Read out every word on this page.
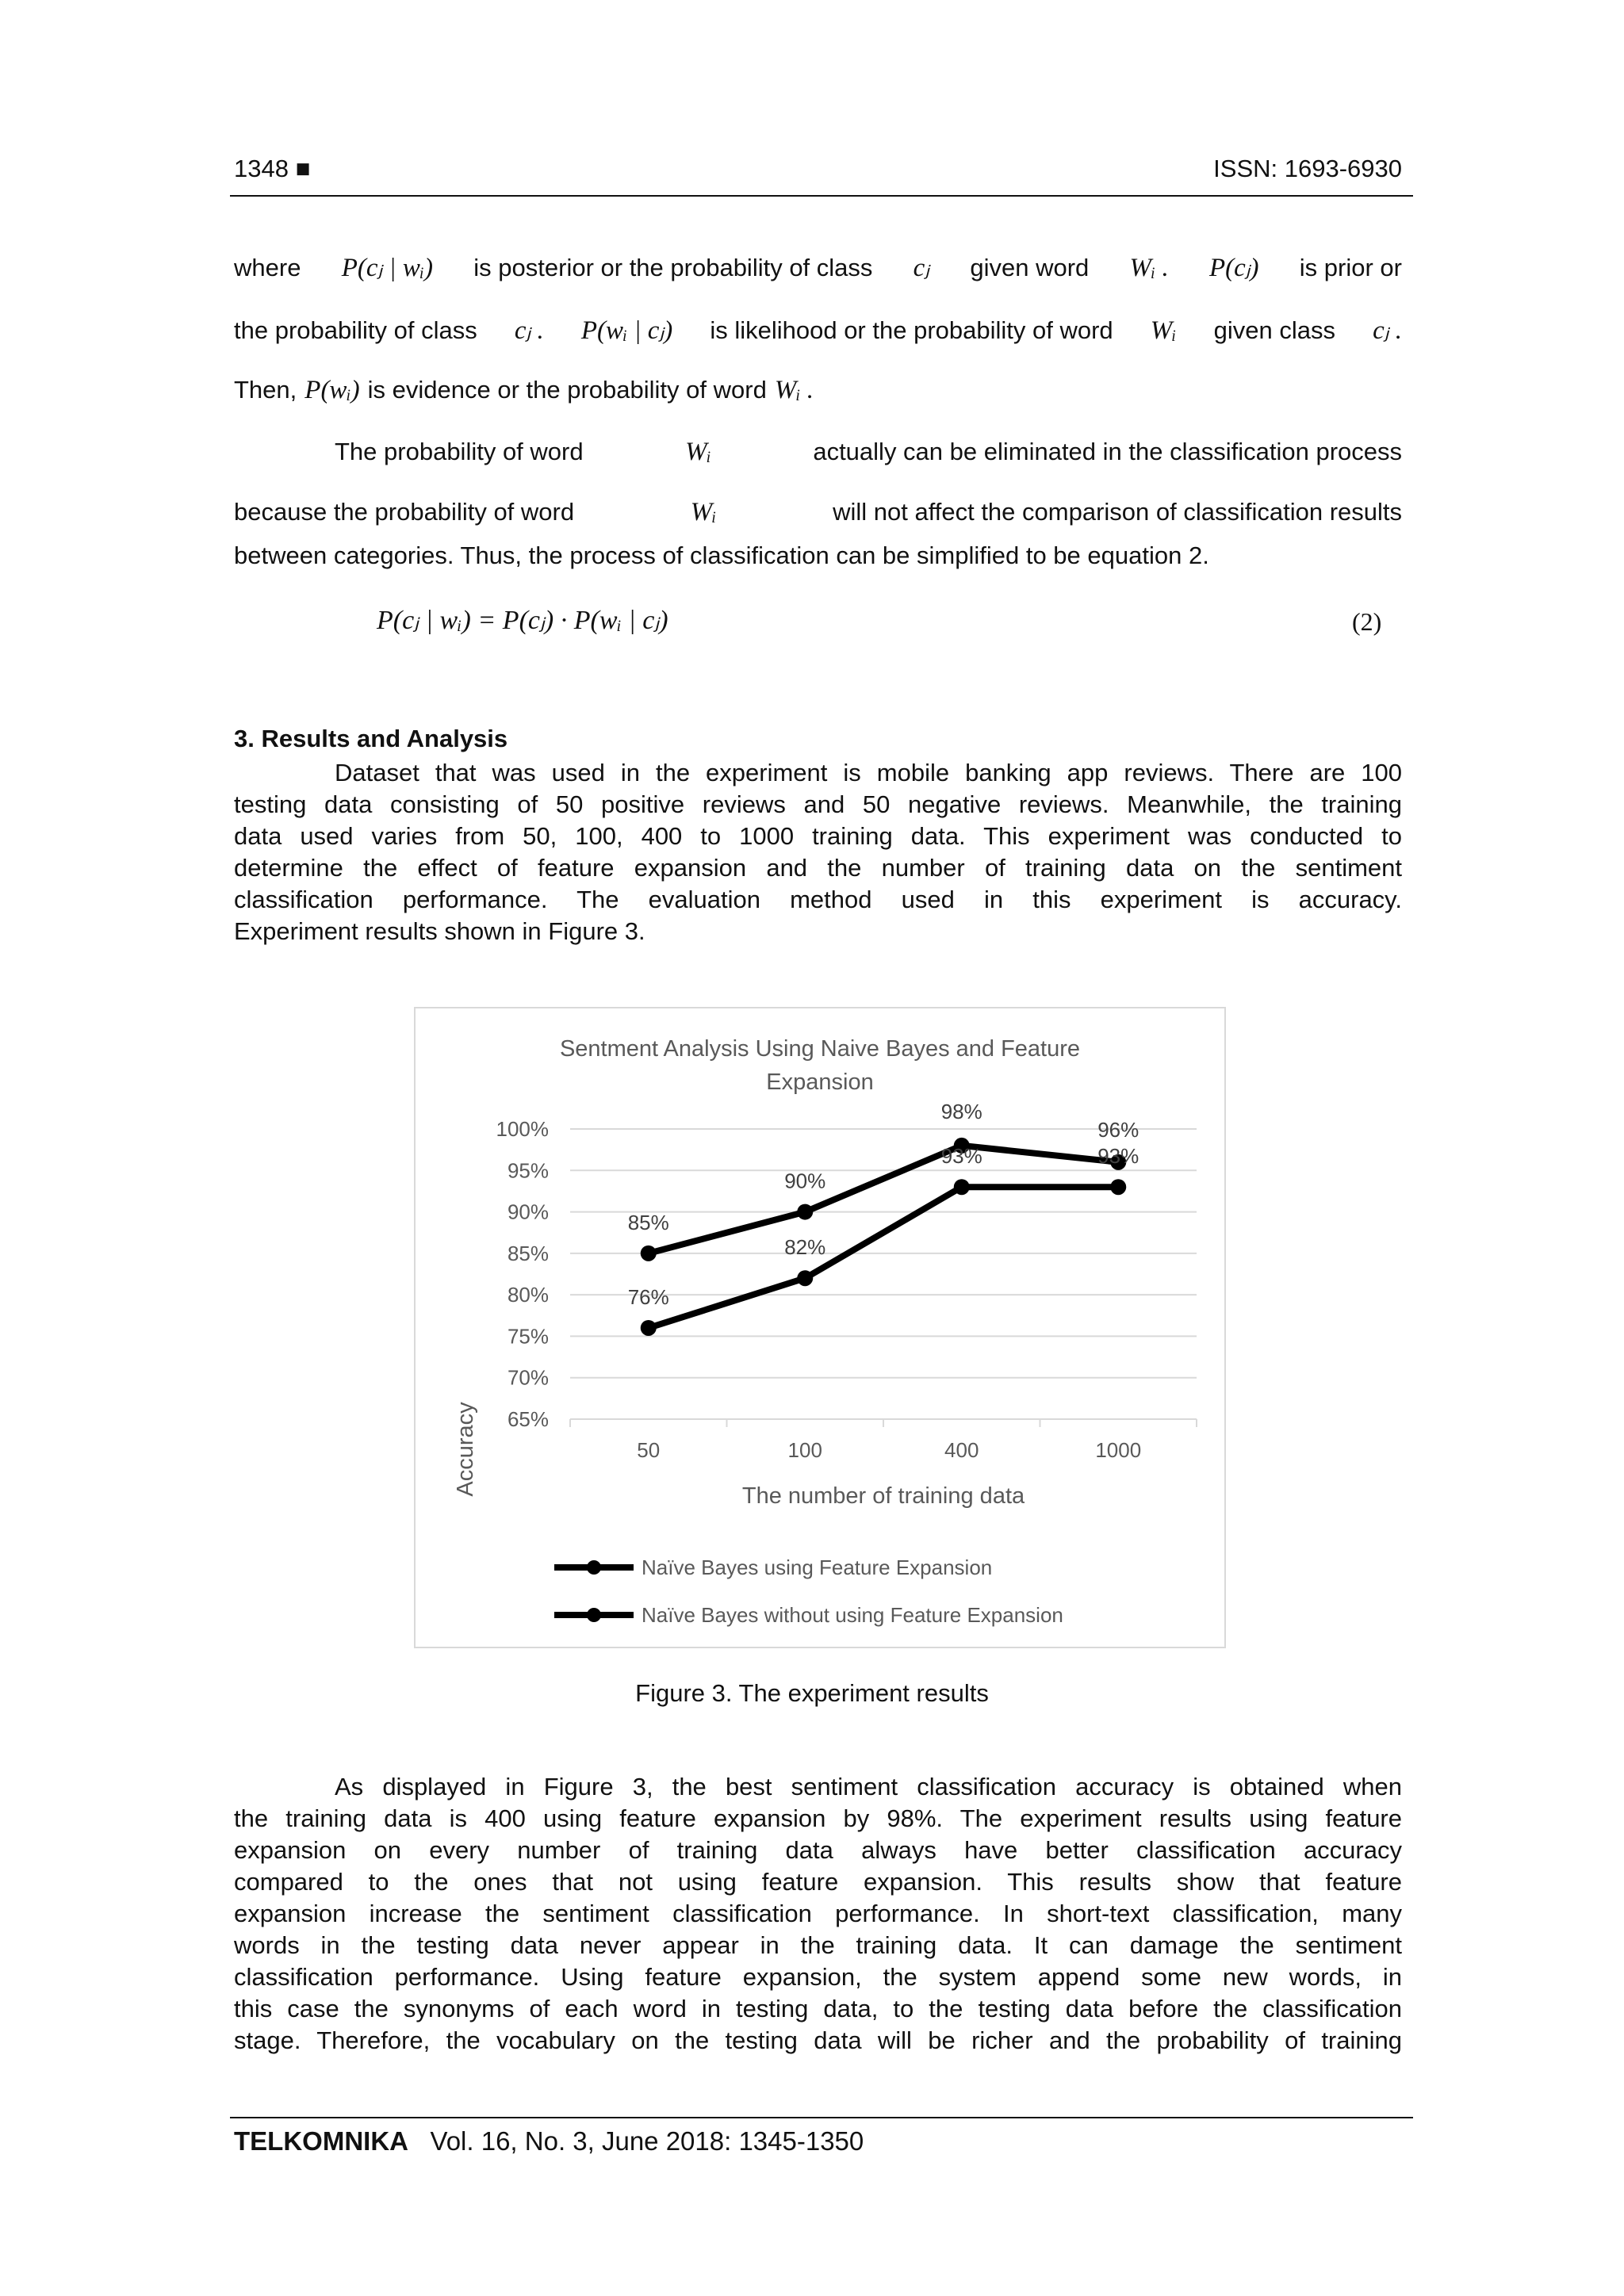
1348 ■	ISSN: 1693-6930
where P(cⱼ | wᵢ) is posterior or the probability of class cⱼ given word Wᵢ . P(cⱼ) is prior or
the probability of class cⱼ . P(wᵢ | cⱼ) is likelihood or the probability of word Wᵢ given class cⱼ .
Then, P(wᵢ) is evidence or the probability of word Wᵢ .
The probability of word	Wᵢ	actually can be eliminated in the classification process
because the probability of word	Wᵢ	will not affect the comparison of classification results
between categories. Thus, the process of classification can be simplified to be equation 2.
P(cⱼ | wᵢ) = P(cⱼ) · P(wᵢ | cⱼ)	(2)
3. Results and Analysis
Dataset that was used in the experiment is mobile banking app reviews. There are 100
testing data consisting of 50 positive reviews and 50 negative reviews. Meanwhile, the training
data used varies from 50, 100, 400 to 1000 training data. This experiment was conducted to
determine the effect of feature expansion and the number of training data on the sentiment
classification performance. The evaluation method used in this experiment is accuracy.
Experiment results shown in Figure 3.
Sentment Analysis Using Naive Bayes and Feature
Expansion
65%
70%
75%
80%
85%
90%
95%
100%
50	100	400	1000
85%
90%
98%
96%
76%
82%
93%	93%
Accuracy	The number of training data
Naïve Bayes using Feature Expansion
Naïve Bayes without using Feature Expansion
Figure 3. The experiment results
As displayed in Figure 3, the best sentiment classification accuracy is obtained when
the training data is 400 using feature expansion by 98%. The experiment results using feature
expansion on every number of training data always have better classification accuracy
compared to the ones that not using feature expansion. This results show that feature
expansion increase the sentiment classification performance. In short-text classification, many
words in the testing data never appear in the training data. It can damage the sentiment
classification performance. Using feature expansion, the system append some new words, in
this case the synonyms of each word in testing data, to the testing data before the classification
stage. Therefore, the vocabulary on the testing data will be richer and the probability of training
TELKOMNIKA Vol. 16, No. 3, June 2018: 1345-1350
